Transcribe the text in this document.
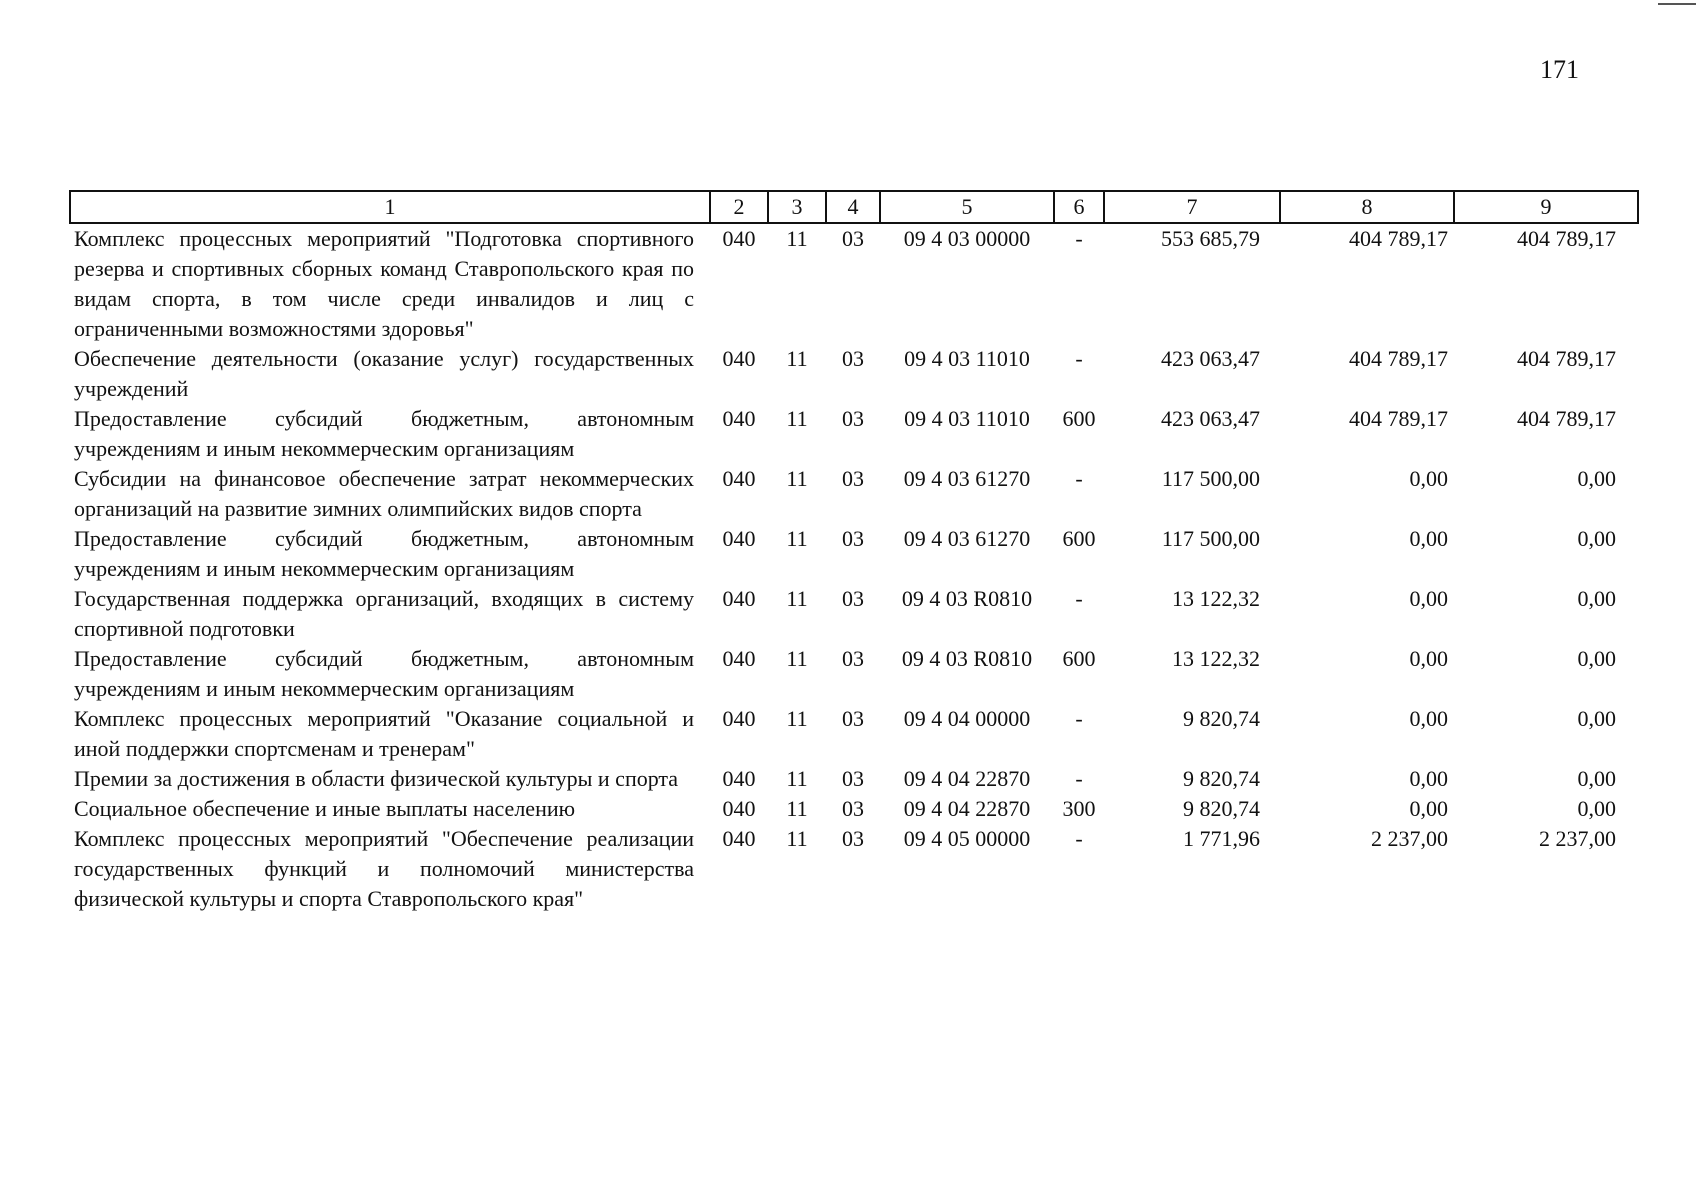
171
1	2	3	4	5	6	7	8	9
Комплекс процессных мероприятий "Подготовка спортивного резерва и спортивных сборных команд Ставропольского края по видам спорта, в том числе среди инвалидов и лиц с ограниченными возможностями здоровья"	040	11	03	09 4 03 00000	-	553 685,79	404 789,17	404 789,17
Обеспечение деятельности (оказание услуг) государственных учреждений	040	11	03	09 4 03 11010	-	423 063,47	404 789,17	404 789,17
Предоставление субсидий бюджетным, автономным учреждениям и иным некоммерческим организациям	040	11	03	09 4 03 11010	600	423 063,47	404 789,17	404 789,17
Субсидии на финансовое обеспечение затрат некоммерческих организаций на развитие зимних олимпийских видов спорта	040	11	03	09 4 03 61270	-	117 500,00	0,00	0,00
Предоставление субсидий бюджетным, автономным учреждениям и иным некоммерческим организациям	040	11	03	09 4 03 61270	600	117 500,00	0,00	0,00
Государственная поддержка организаций, входящих в систему спортивной подготовки	040	11	03	09 4 03 R0810	-	13 122,32	0,00	0,00
Предоставление субсидий бюджетным, автономным учреждениям и иным некоммерческим организациям	040	11	03	09 4 03 R0810	600	13 122,32	0,00	0,00
Комплекс процессных мероприятий "Оказание социальной и иной поддержки спортсменам и тренерам"	040	11	03	09 4 04 00000	-	9 820,74	0,00	0,00
Премии за достижения в области физической культуры и спорта	040	11	03	09 4 04 22870	-	9 820,74	0,00	0,00
Социальное обеспечение и иные выплаты населению	040	11	03	09 4 04 22870	300	9 820,74	0,00	0,00
Комплекс процессных мероприятий "Обеспечение реализации государственных функций и полномочий министерства физической культуры и спорта Ставропольского края"	040	11	03	09 4 05 00000	-	1 771,96	2 237,00	2 237,00
